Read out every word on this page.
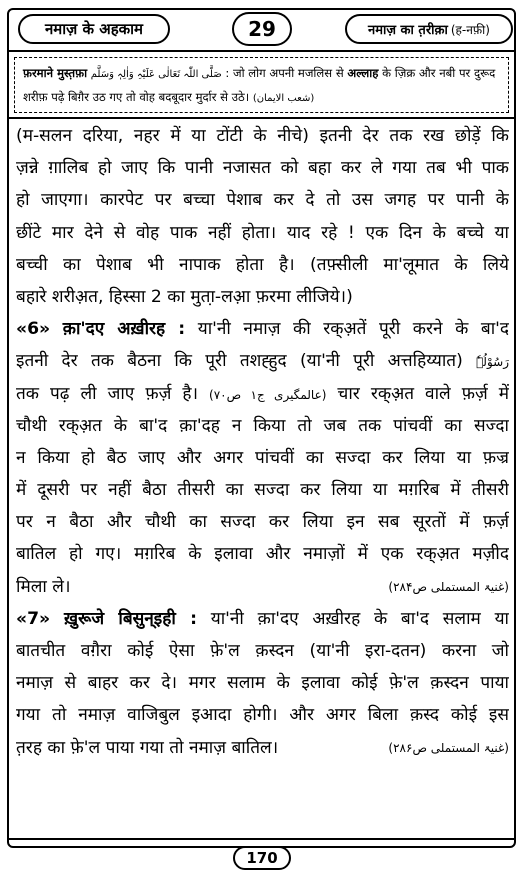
नमाज़ के अहकाम	29	नमाज़ का त़रीक़ा (ह-नफ़ी)
फ़रमाने मुस्त़फ़ा صَلَّی اللّٰہ تَعَالٰی عَلَیْہِ وَاٰلِہٖ وَسَلَّم : जो लोग अपनी मजलिस से अल्लाह के ज़िक्र और नबी पर दुरूद
शरीफ़ पढ़े बिग़ैर उठ गए तो वोह बदबूदार मुर्दार से उठे। (شعب الایمان)
(म-सलन दरिया, नहर में या टोंटी के नीचे) इतनी देर तक रख छोड़ें कि
ज़न्ने ग़ालिब हो जाए कि पानी नजासत को बहा कर ले गया तब भी पाक
हो जाएगा। कारपेट पर बच्चा पेशाब कर दे तो उस जगह पर पानी के
छींटे मार देने से वोह पाक नहीं होता। याद रहे ! एक दिन के बच्चे या
बच्ची का पेशाब भी नापाक होता है। (तफ़्सीली मा'लूमात के लिये
बहारे शरीअ़त, हिस्सा 2 का मुता़-लआ़ फ़रमा लीजिये।)
«6» क़ा'दए अख़ीरह : या'नी नमाज़ की रक्अ़तें पूरी करने के बा'द
इतनी देर तक बैठना कि पूरी तशह्हुद (या'नी पूरी अत्तहिय्यात) رَسُوْلُہٗ
तक पढ़ ली जाए फ़र्ज़ है। (عالمگیری ج۱ ص۷۰) चार रक्अ़त वाले फ़र्ज़ में
चौथी रक्अ़त के बा'द क़ा'दह न किया तो जब तक पांचवीं का सज्दा
न किया हो बैठ जाए और अगर पांचवीं का सज्दा कर लिया या फ़ज्र
में दूसरी पर नहीं बैठा तीसरी का सज्दा कर लिया या मग़रिब में तीसरी
पर न बैठा और चौथी का सज्दा कर लिया इन सब सूरतों में फ़र्ज़
बातिल हो गए। मग़रिब के इलावा और नमाज़ों में एक रक्अ़त मज़ीद
मिला ले।	(غنیۃ المستملی ص۲۸۴)
«7» ख़ुरूजे बिसुन्इही : या'नी क़ा'दए अख़ीरह के बा'द सलाम या
बातचीत वग़ैरा कोई ऐसा फ़े'ल क़स्दन (या'नी इरा-दतन) करना जो
नमाज़ से बाहर कर दे। मगर सलाम के इलावा कोई फ़े'ल क़स्दन पाया
गया तो नमाज़ वाजिबुल इआदा होगी। और अगर बिला क़स्द कोई इस
त़रह का फ़े'ल पाया गया तो नमाज़ बातिल।	(غنیۃ المستملی ص۲۸۶)
170
